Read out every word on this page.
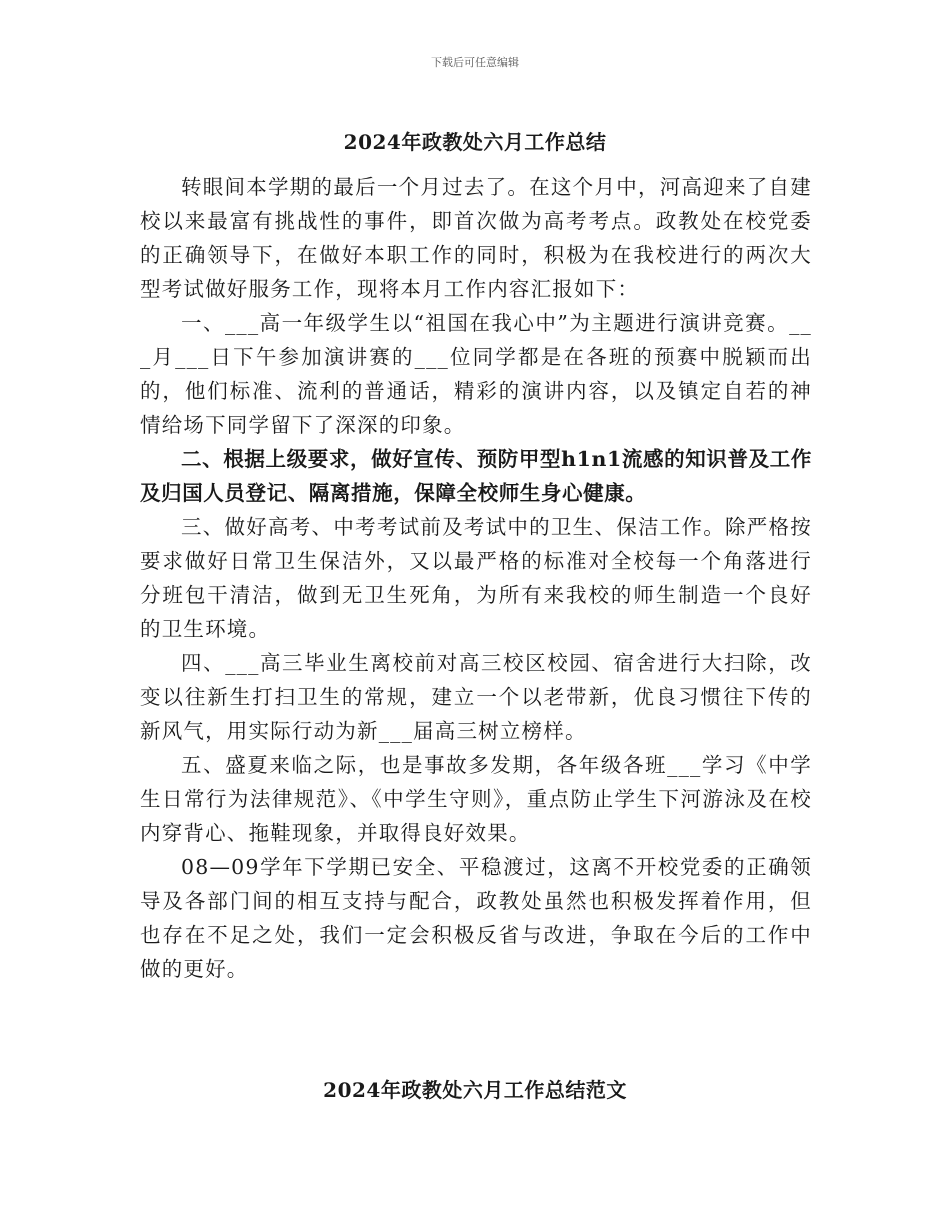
下载后可任意编辑
2024年政教处六月工作总结

转眼间本学期的最后一个月过去了。在这个月中，河高迎来了自建校以来最富有挑战性的事件，即首次做为高考考点。政教处在校党委的正确领导下，在做好本职工作的同时，积极为在我校进行的两次大型考试做好服务工作，现将本月工作内容汇报如下：

一、___高一年级学生以“祖国在我心中”为主题进行演讲竞赛。___月___日下午参加演讲赛的___位同学都是在各班的预赛中脱颖而出的，他们标准、流利的普通话，精彩的演讲内容，以及镇定自若的神情给场下同学留下了深深的印象。

二、根据上级要求，做好宣传、预防甲型h1n1流感的知识普及工作及归国人员登记、隔离措施，保障全校师生身心健康。

三、做好高考、中考考试前及考试中的卫生、保洁工作。除严格按要求做好日常卫生保洁外，又以最严格的标准对全校每一个角落进行分班包干清洁，做到无卫生死角，为所有来我校的师生制造一个良好的卫生环境。

四、___高三毕业生离校前对高三校区校园、宿舍进行大扫除，改变以往新生打扫卫生的常规，建立一个以老带新，优良习惯往下传的新风气，用实际行动为新___届高三树立榜样。

五、盛夏来临之际，也是事故多发期，各年级各班___学习《中学生日常行为法律规范》、《中学生守则》，重点防止学生下河游泳及在校内穿背心、拖鞋现象，并取得良好效果。

08—09学年下学期已安全、平稳渡过，这离不开校党委的正确领导及各部门间的相互支持与配合，政教处虽然也积极发挥着作用，但也存在不足之处，我们一定会积极反省与改进，争取在今后的工作中做的更好。

2024年政教处六月工作总结范文
